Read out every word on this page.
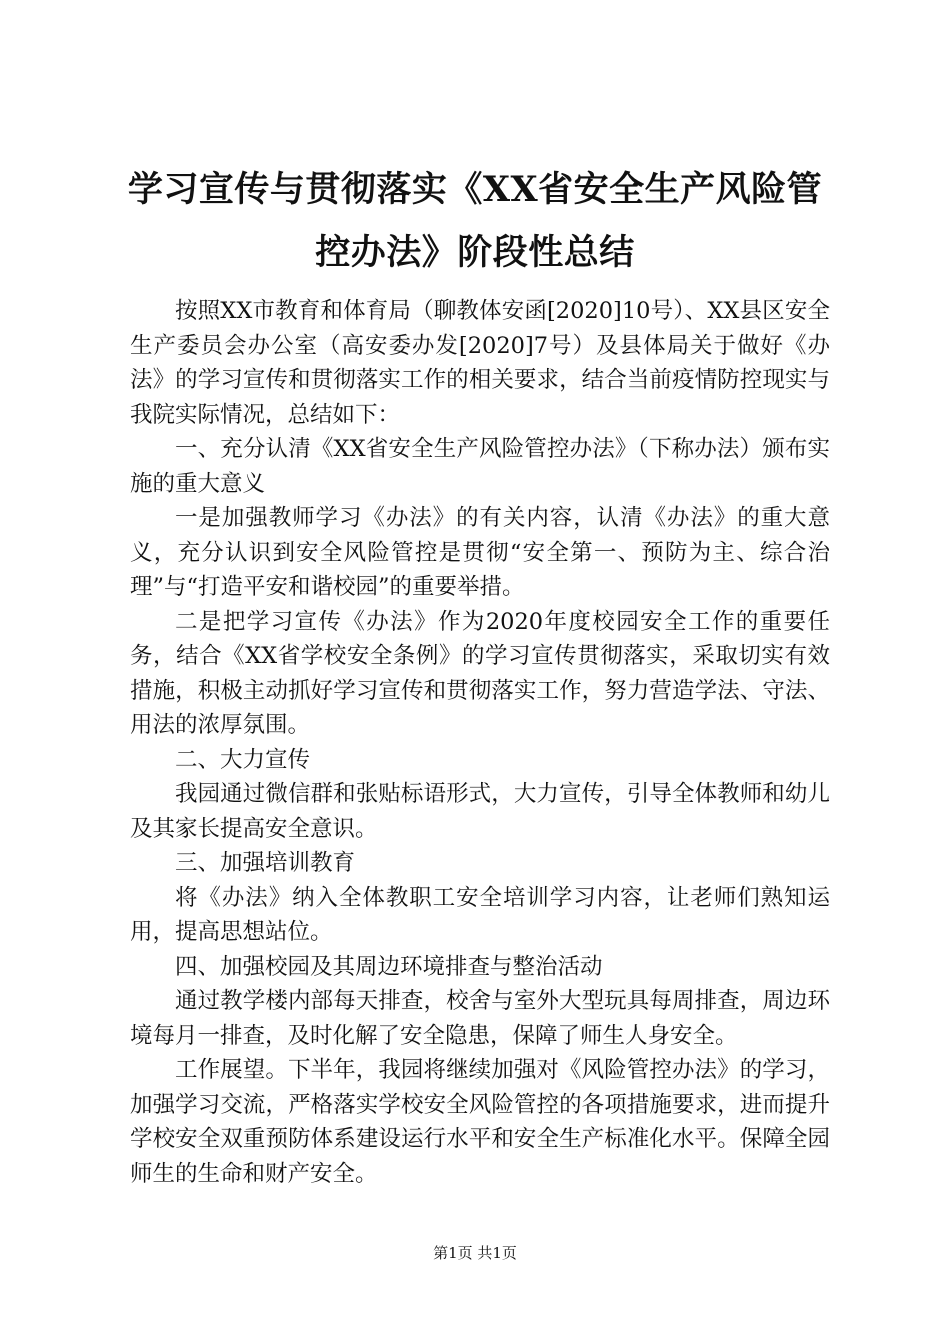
学习宣传与贯彻落实《XX省安全生产风险管
控办法》阶段性总结

按照XX市教育和体育局（聊教体安函[2020]10号）、XX县区安全生产委员会办公室（高安委办发[2020]7号）及县体局关于做好《办法》的学习宣传和贯彻落实工作的相关要求，结合当前疫情防控现实与我院实际情况，总结如下：

一、充分认清《XX省安全生产风险管控办法》（下称办法）颁布实施的重大意义

一是加强教师学习《办法》的有关内容，认清《办法》的重大意义，充分认识到安全风险管控是贯彻“安全第一、预防为主、综合治理”与“打造平安和谐校园”的重要举措。

二是把学习宣传《办法》作为2020年度校园安全工作的重要任务，结合《XX省学校安全条例》的学习宣传贯彻落实，采取切实有效措施，积极主动抓好学习宣传和贯彻落实工作，努力营造学法、守法、用法的浓厚氛围。

二、大力宣传

我园通过微信群和张贴标语形式，大力宣传，引导全体教师和幼儿及其家长提高安全意识。

三、加强培训教育

将《办法》纳入全体教职工安全培训学习内容，让老师们熟知运用，提高思想站位。

四、加强校园及其周边环境排查与整治活动

通过教学楼内部每天排查，校舍与室外大型玩具每周排查，周边环境每月一排查，及时化解了安全隐患，保障了师生人身安全。

工作展望。下半年，我园将继续加强对《风险管控办法》的学习，加强学习交流，严格落实学校安全风险管控的各项措施要求，进而提升学校安全双重预防体系建设运行水平和安全生产标准化水平。保障全园师生的生命和财产安全。

第1页 共1页
